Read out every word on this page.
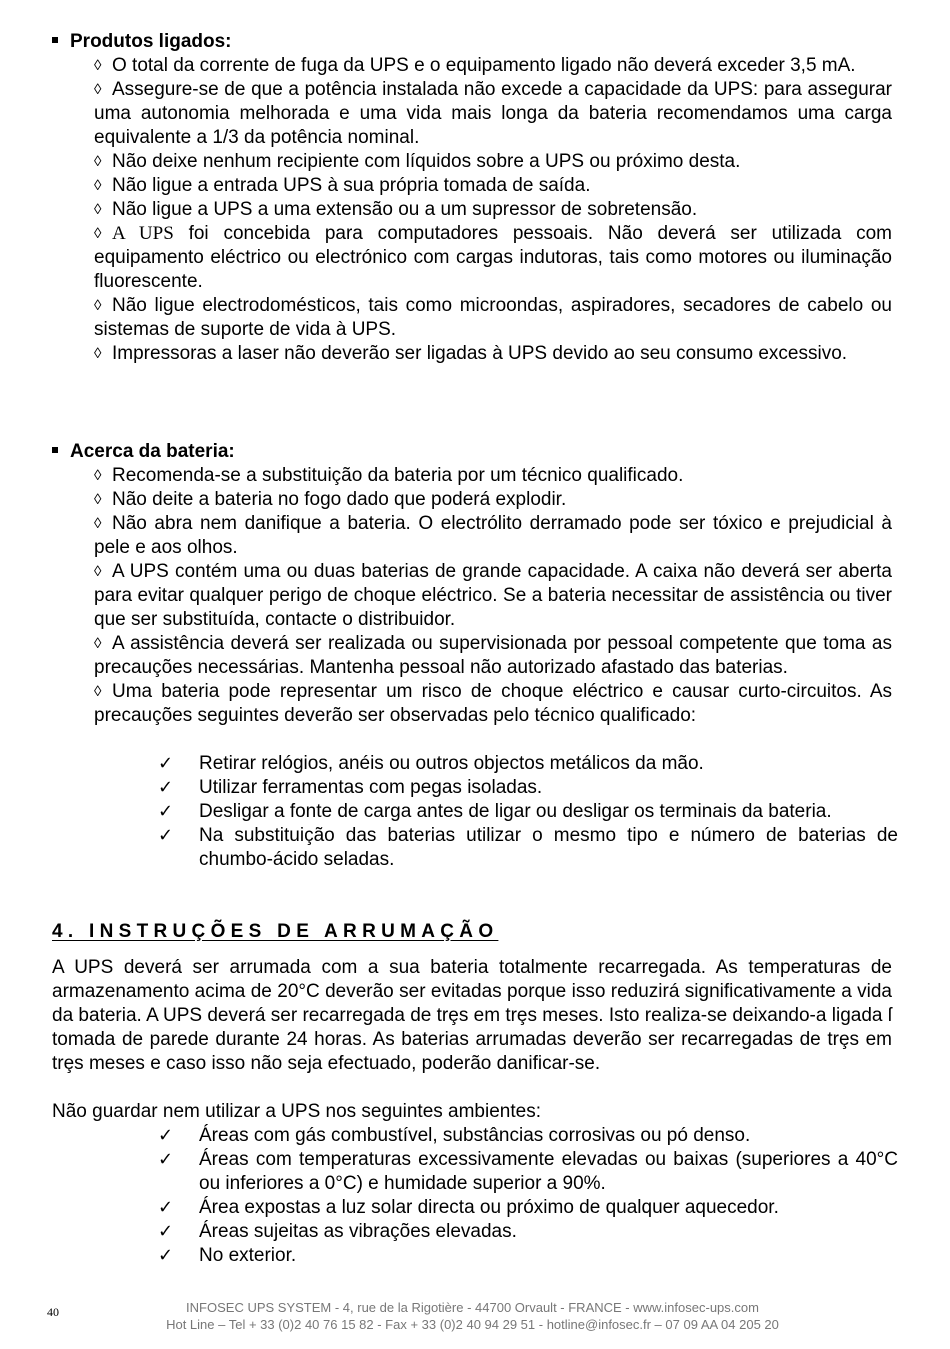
Produtos ligados:

◊ O total da corrente de fuga da UPS e o equipamento ligado não deverá exceder 3,5 mA.

◊ Assegure-se de que a potência instalada não excede a capacidade da UPS: para assegurar uma autonomia melhorada e uma vida mais longa da bateria recomendamos uma carga equivalente a 1/3 da potência nominal.

◊ Não deixe nenhum recipiente com líquidos sobre a UPS ou próximo desta.

◊ Não ligue a entrada UPS à sua própria tomada de saída.

◊ Não ligue a UPS a uma extensão ou a um supressor de sobretensão.

◊ A UPS foi concebida para computadores pessoais. Não deverá ser utilizada com equipamento eléctrico ou electrónico com cargas indutoras, tais como motores ou iluminação fluorescente.

◊ Não ligue electrodomésticos, tais como microondas, aspiradores, secadores de cabelo ou sistemas de suporte de vida à UPS.

◊ Impressoras a laser não deverão ser ligadas à UPS devido ao seu consumo excessivo.

Acerca da bateria:

◊ Recomenda-se a substituição da bateria por um técnico qualificado.

◊ Não deite a bateria no fogo dado que poderá explodir.

◊ Não abra nem danifique a bateria. O electrólito derramado pode ser tóxico e prejudicial à pele e aos olhos.

◊ A UPS contém uma ou duas baterias de grande capacidade. A caixa não deverá ser aberta para evitar qualquer perigo de choque eléctrico. Se a bateria necessitar de assistência ou tiver que ser substituída, contacte o distribuidor.

◊ A assistência deverá ser realizada ou supervisionada por pessoal competente que toma as precauções necessárias. Mantenha pessoal não autorizado afastado das baterias.

◊ Uma bateria pode representar um risco de choque eléctrico e causar curto-circuitos. As precauções seguintes deverão ser observadas pelo técnico qualificado:

✓ Retirar relógios, anéis ou outros objectos metálicos da mão.
✓ Utilizar ferramentas com pegas isoladas.
✓ Desligar a fonte de carga antes de ligar ou desligar os terminais da bateria.
✓ Na substituição das baterias utilizar o mesmo tipo e número de baterias de chumbo-ácido seladas.
4. INSTRUÇÕES DE ARRUMAÇÃO
A UPS deverá ser arrumada com a sua bateria totalmente recarregada. As temperaturas de armazenamento acima de 20°C deverão ser evitadas porque isso reduzirá significativamente a vida da bateria. A UPS deverá ser recarregada de trȩs em trȩs meses. Isto realiza-se deixando-a ligada ſ tomada de parede durante 24 horas. As baterias arrumadas deverão ser recarregadas de trȩs em trȩs meses e caso isso não seja efectuado, poderão danificar-se.
Não guardar nem utilizar a UPS nos seguintes ambientes:
✓ Áreas com gás combustível, substâncias corrosivas ou pó denso.
✓ Áreas com temperaturas excessivamente elevadas ou baixas (superiores a 40°C ou inferiores a 0°C) e humidade superior a 90%.
✓ Área expostas a luz solar directa ou próximo de qualquer aquecedor.
✓ Áreas sujeitas as vibrações elevadas.
✓ No exterior.
40	INFOSEC UPS SYSTEM - 4, rue de la Rigotière - 44700 Orvault - FRANCE - www.infosec-ups.com
Hot Line – Tel + 33 (0)2 40 76 15 82 - Fax + 33 (0)2 40 94 29 51 - hotline@infosec.fr – 07 09 AA 04 205 20
